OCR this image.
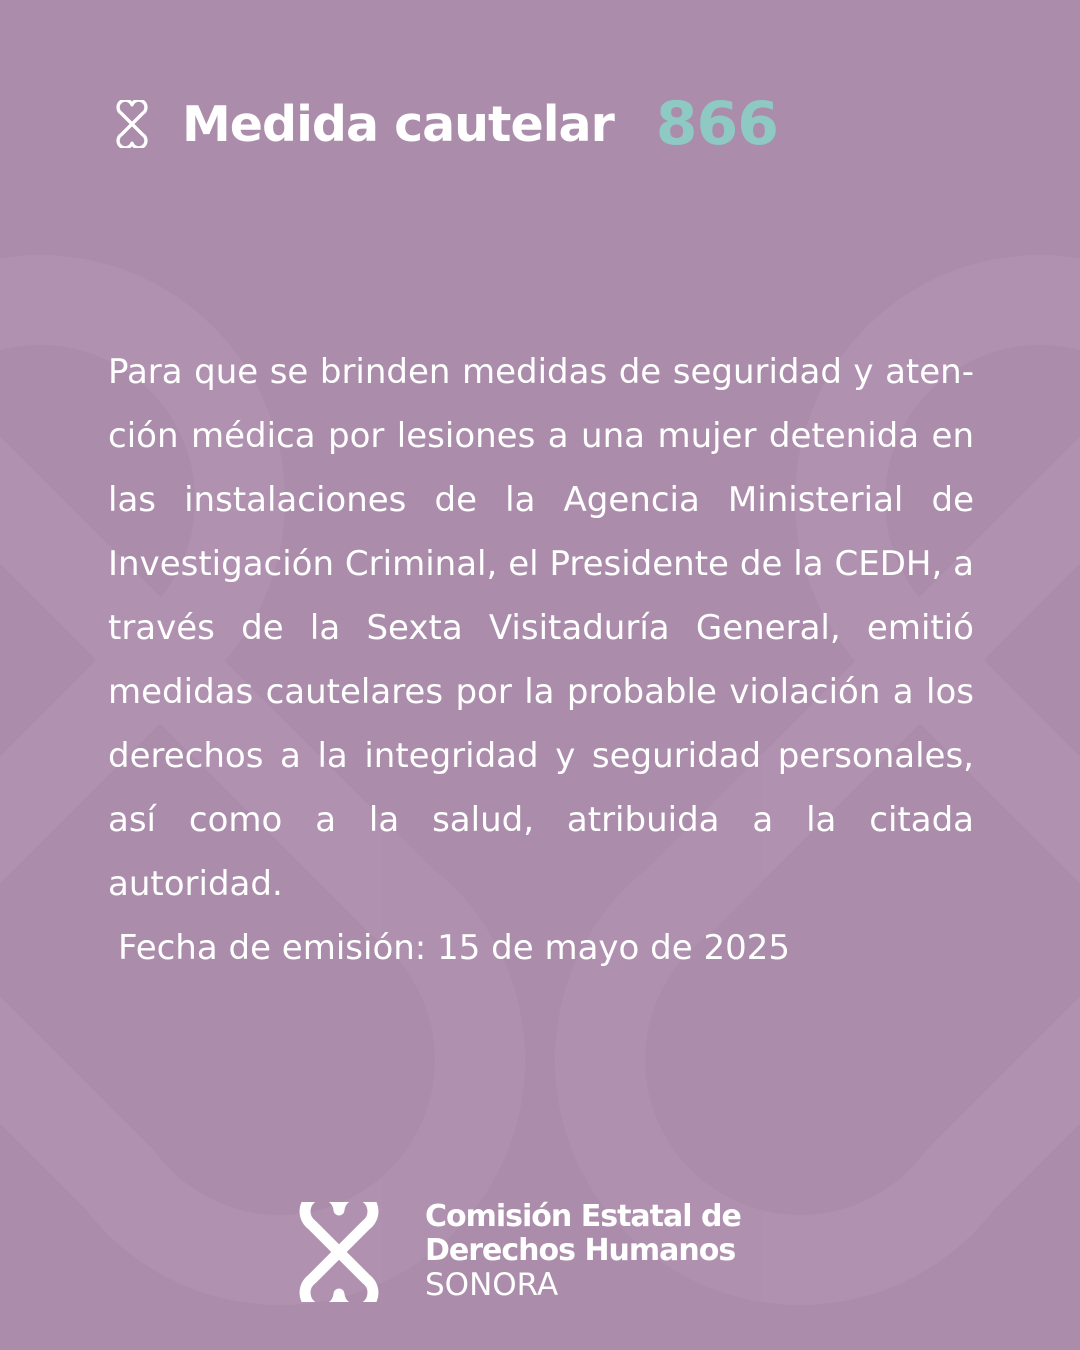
Medida cautelar 866
Para que se brinden medidas de seguridad y atención médica por lesiones a una mujer detenida en las instalaciones de la Agencia Ministerial de Investigación Criminal, el Presidente de la CEDH, a través de la Sexta Visitaduría General, emitió medidas cautelares por la probable violación a los derechos a la integridad y seguridad personales, así como a la salud, atribuida a la citada autoridad.
Fecha de emisión: 15 de mayo de 2025
Comisión Estatal de
Derechos Humanos
SONORA
